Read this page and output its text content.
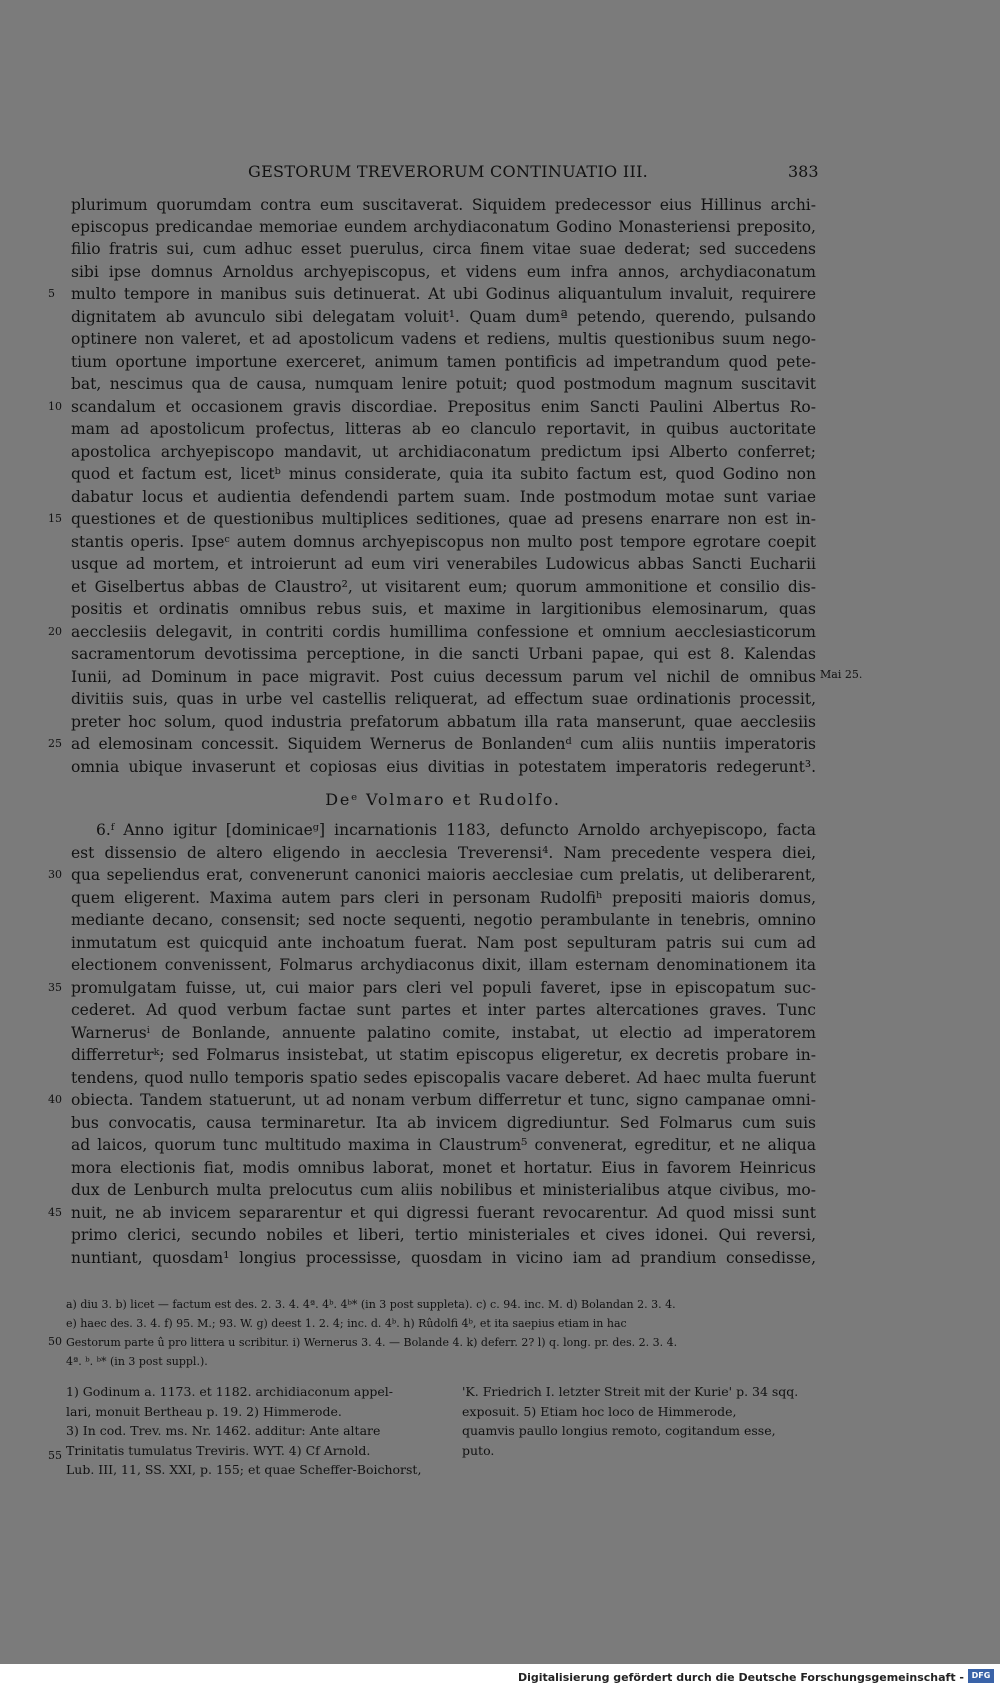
GESTORUM TREVERORUM CONTINUATIO III.	383
plurimum quorumdam contra eum suscitaverat. Siquidem predecessor eius Hillinus archi-
episcopus predicandae memoriae eundem archydiaconatum Godino Monasteriensi preposito,
filio fratris sui, cum adhuc esset puerulus, circa finem vitae suae dederat; sed succedens
sibi ipse domnus Arnoldus archyepiscopus, et videns eum infra annos, archydiaconatum
multo tempore in manibus suis detinuerat. At ubi Godinus aliquantulum invaluit, requirere
dignitatem ab avunculo sibi delegatam voluit¹. Quam dumª petendo, querendo, pulsando
optinere non valeret, et ad apostolicum vadens et rediens, multis questionibus suum nego-
tium oportune importune exerceret, animum tamen pontificis ad impetrandum quod pete-
bat, nescimus qua de causa, numquam lenire potuit; quod postmodum magnum suscitavit
scandalum et occasionem gravis discordiae. Prepositus enim Sancti Paulini Albertus Ro-
mam ad apostolicum profectus, litteras ab eo clanculo reportavit, in quibus auctoritate
apostolica archyepiscopo mandavit, ut archidiaconatum predictum ipsi Alberto conferret;
quod et factum est, licetᵇ minus considerate, quia ita subito factum est, quod Godino non
dabatur locus et audientia defendendi partem suam. Inde postmodum motae sunt variae
questiones et de questionibus multiplices seditiones, quae ad presens enarrare non est in-
stantis operis. Ipseᶜ autem domnus archyepiscopus non multo post tempore egrotare coepit
usque ad mortem, et introierunt ad eum viri venerabiles Ludowicus abbas Sancti Eucharii
et Giselbertus abbas de Claustro², ut visitarent eum; quorum ammonitione et consilio dis-
positis et ordinatis omnibus rebus suis, et maxime in largitionibus elemosinarum, quas
aecclesiis delegavit, in contriti cordis humillima confessione et omnium aecclesiasticorum
sacramentorum devotissima perceptione, in die sancti Urbani papae, qui est 8. Kalendas
Iunii, ad Dominum in pace migravit. Post cuius decessum parum vel nichil de omnibus
divitiis suis, quas in urbe vel castellis reliquerat, ad effectum suae ordinationis processit,
preter hoc solum, quod industria prefatorum abbatum illa rata manserunt, quae aecclesiis
ad elemosinam concessit. Siquidem Wernerus de Bonlandenᵈ cum aliis nuntiis imperatoris
omnia ubique invaserunt et copiosas eius divitias in potestatem imperatoris redegerunt³.
Deᵉ Volmaro et Rudolfo.
6.ᶠ Anno igitur [dominicaeᵍ] incarnationis 1183, defuncto Arnoldo archyepiscopo, facta
est dissensio de altero eligendo in aecclesia Treverensi⁴. Nam precedente vespera diei,
qua sepeliendus erat, convenerunt canonici maioris aecclesiae cum prelatis, ut deliberarent,
quem eligerent. Maxima autem pars cleri in personam Rudolfiʰ prepositi maioris domus,
mediante decano, consensit; sed nocte sequenti, negotio perambulante in tenebris, omnino
inmutatum est quicquid ante inchoatum fuerat. Nam post sepulturam patris sui cum ad
electionem convenissent, Folmarus archydiaconus dixit, illam esternam denominationem ita
promulgatam fuisse, ut, cui maior pars cleri vel populi faveret, ipse in episcopatum suc-
cederet. Ad quod verbum factae sunt partes et inter partes altercationes graves. Tunc
Warnerusⁱ de Bonlande, annuente palatino comite, instabat, ut electio ad imperatorem
differreturᵏ; sed Folmarus insistebat, ut statim episcopus eligeretur, ex decretis probare in-
tendens, quod nullo temporis spatio sedes episcopalis vacare deberet. Ad haec multa fuerunt
obiecta. Tandem statuerunt, ut ad nonam verbum differretur et tunc, signo campanae omni-
bus convocatis, causa terminaretur. Ita ab invicem digrediuntur. Sed Folmarus cum suis
ad laicos, quorum tunc multitudo maxima in Claustrum⁵ convenerat, egreditur, et ne aliqua
mora electionis fiat, modis omnibus laborat, monet et hortatur. Eius in favorem Heinricus
dux de Lenburch multa prelocutus cum aliis nobilibus et ministerialibus atque civibus, mo-
nuit, ne ab invicem separarentur et qui digressi fuerant revocarentur. Ad quod missi sunt
primo clerici, secundo nobiles et liberi, tertio ministeriales et cives idonei. Qui reversi,
nuntiant, quosdam¹ longius processisse, quosdam in vicino iam ad prandium consedisse,
5
10
15
20
25
30
35
40
45
50
55
Mai 25.
a) diu 3. b) licet — factum est des. 2. 3. 4. 4ª. 4ᵇ. 4ᵇ* (in 3 post suppleta). c) c. 94. inc. M. d) Bolandan 2. 3. 4.
e) haec des. 3. 4. f) 95. M.; 93. W. g) deest 1. 2. 4; inc. d. 4ᵇ. h) Rûdolfi 4ᵇ, et ita saepius etiam in hac
Gestorum parte û pro littera u scribitur. i) Wernerus 3. 4. — Bolande 4. k) deferr. 2? l) q. long. pr. des. 2. 3. 4.
4ª. ᵇ. ᵇ* (in 3 post suppl.).
1) Godinum a. 1173. et 1182. archidiaconum appel-
lari, monuit Bertheau p. 19. 2) Himmerode.
3) In cod. Trev. ms. Nr. 1462. additur: Ante altare
Trinitatis tumulatus Treviris. WYT. 4) Cf Arnold.
Lub. III, 11, SS. XXI, p. 155; et quae Scheffer-Boichorst,
'K. Friedrich I. letzter Streit mit der Kurie' p. 34 sqq.
exposuit. 5) Etiam hoc loco de Himmerode,
quamvis paullo longius remoto, cogitandum esse,
puto.
Digitalisierung gefördert durch die Deutsche Forschungsgemeinschaft - DFG
